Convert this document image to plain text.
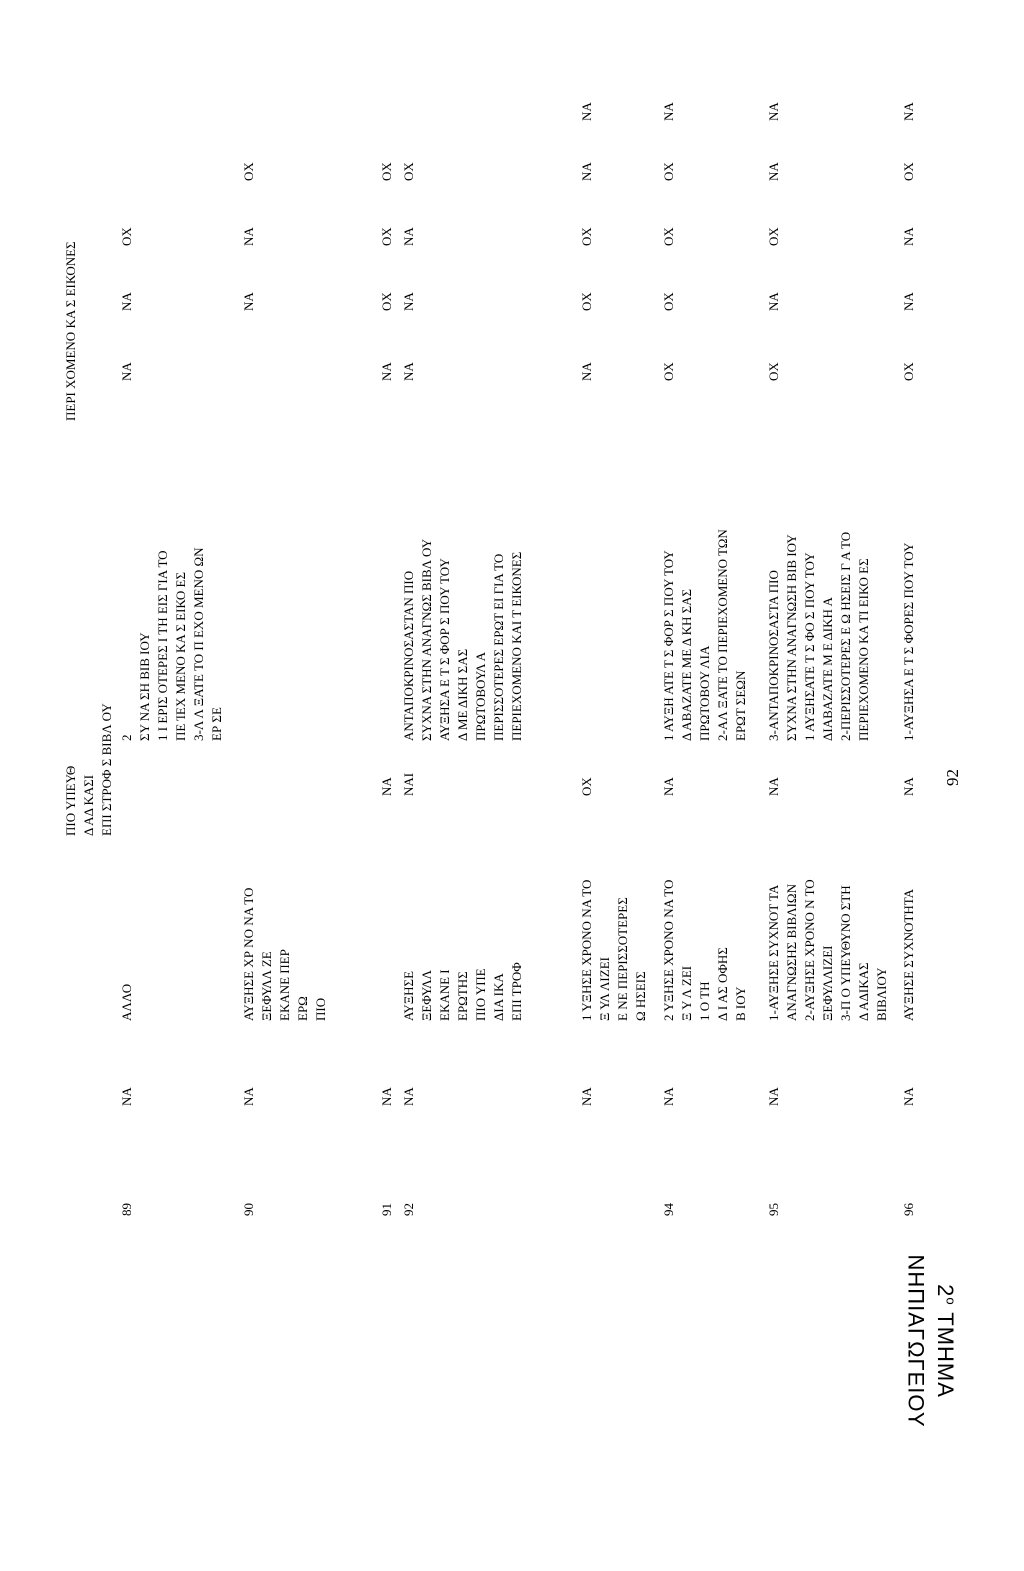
ΠΕΡΙ ΧΟΜΕΝΟ ΚΑ Σ ΕΙΚΟΝΕΣ
ΠΙΟ ΥΠΕΥΘ Δ ΑΔ ΚΑΣΙ ΕΠΙ ΣΤΡΟΦ Σ ΒΙΒΛ ΟΥ
89
ΝΑ
ΑΛΛΟ
2 ΣΥ ΝΑ ΣΗ ΒΙΒ ΙΟΥ 1 Ι ΕΡΙΣ ΟΤΕΡΕΣ Ι ΤΗ ΕΙΣ ΓΙΑ ΤΟ ΠΕ ΊΕΧ ΜΕΝΟ ΚΑ Σ ΕΙΚΟ ΕΣ 3-Λ Λ ΞΑΤΕ ΤΟ Π ΕΧΟ ΜΕΝΟ ΩΝ ΕΡ ΣΕ
ΝΑ
ΝΑ
ΟΧ
90
ΝΑ
ΑΥΞΗΣΕ ΧΡ ΝΟ ΝΑ ΤΟ ΞΕΦΥΛΛ ΖΕ ΕΚΑΝΕ ΠΕΡ ΕΡΩ ΠΙΟ
ΝΑ
ΝΑ
ΟΧ
91
ΝΑ
ΝΑ
ΝΑ
ΟΧ
ΟΧ
ΟΧ
92
ΝΑ
ΑΥΞΗΣΕ ΞΕΦΥΛΛ ΕΚΑΝΕ Ι ΕΡΩΤΗΣ ΠΙΟ ΥΠΕ ΔΙΑ ΙΚΑ ΕΠΙ ΤΡΟΦ
ΝΑΙ
ΑΝΤΑΠΟΚΡΙΝΟΣΑΣΤΑΝ ΠΙΟ ΣΥΧΝΑ ΣΤΗΝ ΑΝΑΓΝΩΣ ΒΙΒΛ ΟΥ ΑΥΞΗΣΑ Ε Τ Σ ΦΟΡ Σ ΠΟΥ ΤΟΥ Δ ΜΕ ΔΙΚΗ ΣΑΣ ΠΡΩΤΟΒΟΥΛ Α ΠΕΡΙΣΣΟΤΕΡΕΣ ΕΡΩΤ ΕΙ ΓΙΑ ΤΟ ΠΕΡΙΕΧΟΜΕΝΟ ΚΑΙ Τ ΕΙΚΟΝΕΣ
ΝΑ
ΝΑ
ΝΑ
ΟΧ
ΝΑ
1 ΥΞΗΣΕ ΧΡΟΝΟ ΝΑ ΤΟ Ξ ΥΛ ΛΙΖΕΙ Ε ΝΕ ΠΕΡΙΣΣΟΤΕΡΕΣ Ω ΗΣΕΙΣ
ΟΧ
ΝΑ
ΟΧ
ΟΧ
ΝΑ
ΝΑ
94
ΝΑ
2 ΥΞΗΣΕ ΧΡΟΝΟ ΝΑ ΤΟ Ξ Υ Λ ΖΕΙ 1 Ο ΤΗ Δ Ι ΑΣ ΟΦΗΣ Β ΙΟΥ
ΝΑ
1 ΑΥΞΗ ΑΤΕ Τ Σ ΦΟΡ Σ ΠΟΥ ΤΟΥ Δ ΑΒΑΖΑΤΕ ΜΕ Δ ΚΗ ΣΑΣ ΠΡΩΤΟΒΟΥ ΛΙΑ 2-ΑΛ ΞΑΤΕ ΤΟ ΠΕΡΙΕΧΟΜΕΝΟ ΤΩΝ ΕΡΩΤ ΣΕΩΝ
ΟΧ
ΟΧ
ΟΧ
ΟΧ
ΝΑ
95
ΝΑ
1-ΑΥΞΗΣΕ ΣΥΧΝΟΤ ΤΑ ΑΝΑΓΝΩΣΗΣ ΒΙΒΛΙΩΝ 2-ΑΥΞΗΣΕ ΧΡΟΝΟ Ν ΤΟ ΞΕΦΥΛΛΙΖΕΙ 3-Π Ο ΥΠΕΥΘΥΝΟ ΣΤΗ Δ ΑΔΙΚΑΣ ΒΙΒΛΙΟΥ
ΝΑ
3-ΑΝΤΑΠΟΚΡΙΝΟΣΑΣΤΑ ΠΙΟ ΣΥΧΝΑ ΣΤΗΝ ΑΝΑΓΝΩΣΗ ΒΙΒ ΙΟΥ 1 ΑΥΞΗΣΑΤΕ Τ Σ ΦΟ Σ ΠΟΥ ΤΟΥ ΔΙΑΒΑΖΑΤΕ Μ Ε ΔΙΚΗ Α 2-ΠΕΡΙΣΣΟΤΕΡΕΣ Ε Ω ΗΣΕΙΣ Γ Α ΤΟ ΠΕΡΙΕΧΟΜΕΝΟ ΚΑ ΤΙ ΕΙΚΟ ΕΣ
ΟΧ
ΝΑ
ΟΧ
ΝΑ
ΝΑ
96
ΝΑ
ΑΥΞΗΣΕ ΣΥΧΝΟΤΗΤΑ
ΝΑ
1-ΑΥΞΗΣΑ Ε Τ Σ ΦΟΡΕΣ ΠΟΥ ΤΟΥ
ΟΧ
ΝΑ
ΝΑ
ΟΧ
ΝΑ
92
$2^o$ ΤΜΗΜΑ
ΝΗΠΙΑΓΩΓΕΙΟΥ
